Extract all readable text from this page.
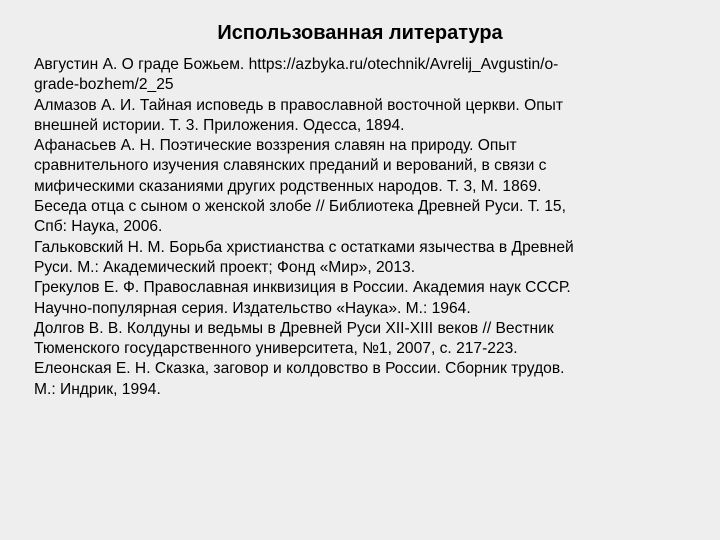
Использованная литература
Августин А. О граде Божьем. https://azbyka.ru/otechnik/Avrelij_Avgustin/o-
grade-bozhem/2_25
Алмазов А. И. Тайная исповедь в православной восточной церкви. Опыт
внешней истории. Т. 3. Приложения. Одесса, 1894.
Афанасьев А. Н. Поэтические воззрения славян на природу. Опыт
сравнительного изучения славянских преданий и верований, в связи с
мифическими сказаниями других родственных народов. Т. 3, М. 1869.
Беседа отца с сыном о женской злобе // Библиотека Древней Руси. Т. 15,
Спб: Наука, 2006.
Гальковский Н. М. Борьба христианства с остатками язычества в Древней
Руси. М.: Академический проект; Фонд «Мир», 2013.
Грекулов Е. Ф. Православная инквизиция в России. Академия наук СССР.
Научно-популярная серия. Издательство «Наука». М.: 1964.
Долгов В. В. Колдуны и ведьмы в Древней Руси XII-XIII веков // Вестник
Тюменского государственного университета, №1, 2007, с. 217-223.
Елеонская Е. Н. Сказка, заговор и колдовство в России. Сборник трудов.
М.: Индрик, 1994.
